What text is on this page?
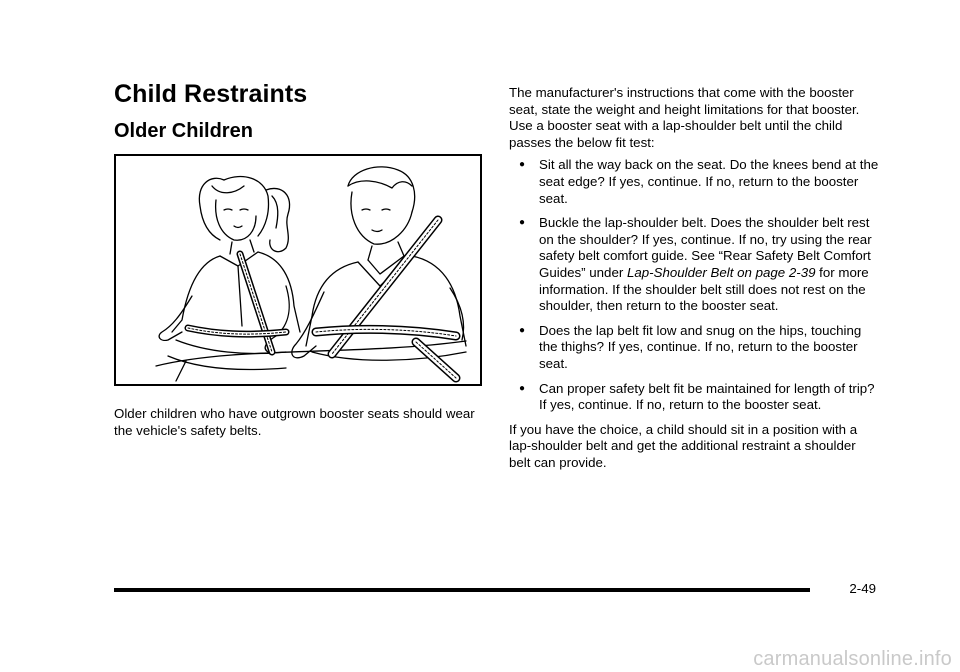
Child Restraints
Older Children

Older children who have outgrown booster seats should wear the vehicle's safety belts.

The manufacturer's instructions that come with the booster seat, state the weight and height limitations for that booster. Use a booster seat with a lap-shoulder belt until the child passes the below fit test:

● Sit all the way back on the seat. Do the knees bend at the seat edge? If yes, continue. If no, return to the booster seat.
● Buckle the lap-shoulder belt. Does the shoulder belt rest on the shoulder? If yes, continue. If no, try using the rear safety belt comfort guide. See “Rear Safety Belt Comfort Guides” under Lap-Shoulder Belt on page 2-39 for more information. If the shoulder belt still does not rest on the shoulder, then return to the booster seat.
● Does the lap belt fit low and snug on the hips, touching the thighs? If yes, continue. If no, return to the booster seat.
● Can proper safety belt fit be maintained for length of trip? If yes, continue. If no, return to the booster seat.

If you have the choice, a child should sit in a position with a lap-shoulder belt and get the additional restraint a shoulder belt can provide.

2-49
carmanualsonline.info
